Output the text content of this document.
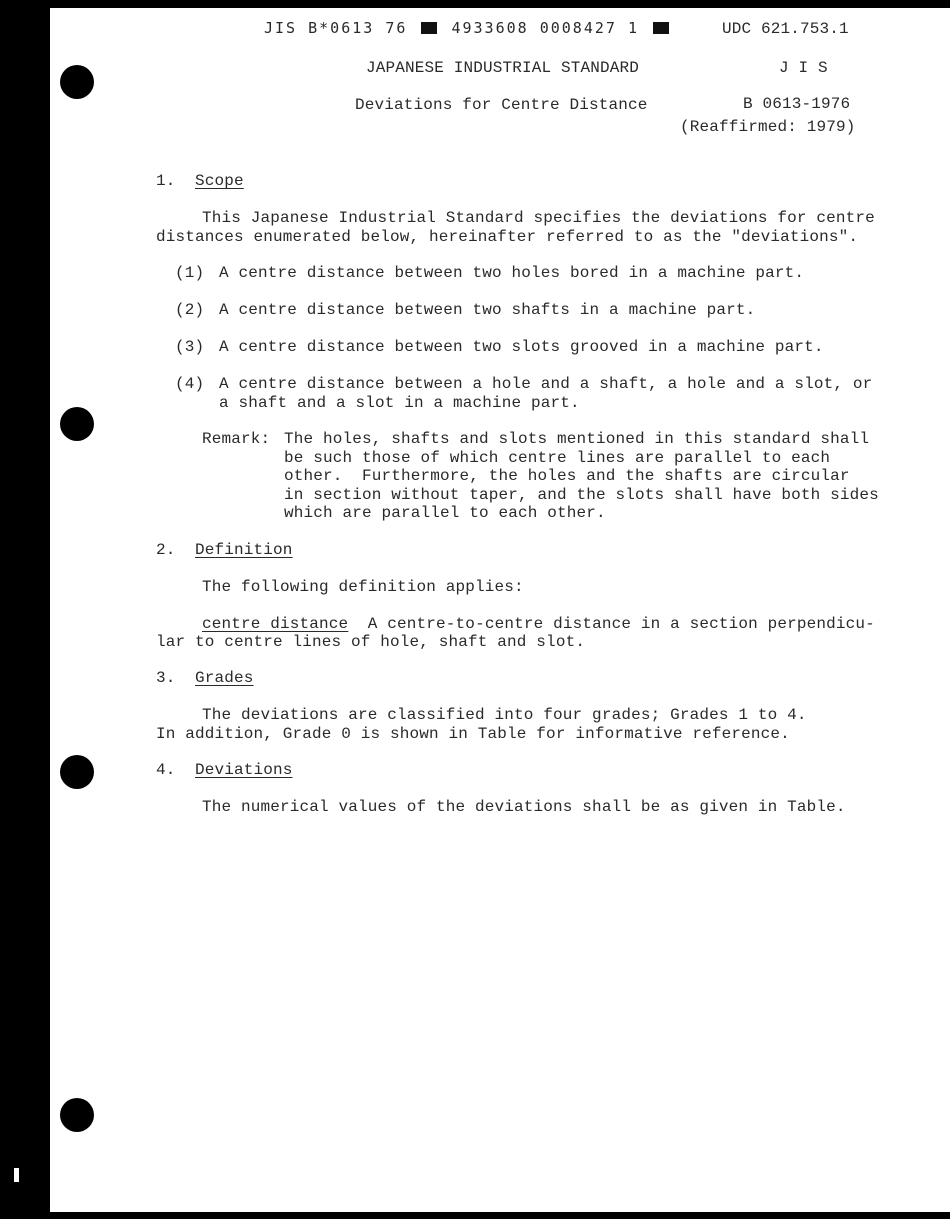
JIS B*0613 76	4933608 0008427 1	UDC 621.753.1
JAPANESE INDUSTRIAL STANDARD	J I S
Deviations for Centre Distance	B 0613-1976
(Reaffirmed: 1979)
1. Scope
This Japanese Industrial Standard specifies the deviations for centre
distances enumerated below, hereinafter referred to as the "deviations".
(1) A centre distance between two holes bored in a machine part.
(2) A centre distance between two shafts in a machine part.
(3) A centre distance between two slots grooved in a machine part.
(4) A centre distance between a hole and a shaft, a hole and a slot, or
a shaft and a slot in a machine part.
Remark: The holes, shafts and slots mentioned in this standard shall
be such those of which centre lines are parallel to each
other.  Furthermore, the holes and the shafts are circular
in section without taper, and the slots shall have both sides
which are parallel to each other.
2. Definition
The following definition applies:
centre distance A centre-to-centre distance in a section perpendicu-
lar to centre lines of hole, shaft and slot.
3. Grades
The deviations are classified into four grades; Grades 1 to 4.
In addition, Grade 0 is shown in Table for informative reference.
4. Deviations
The numerical values of the deviations shall be as given in Table.
